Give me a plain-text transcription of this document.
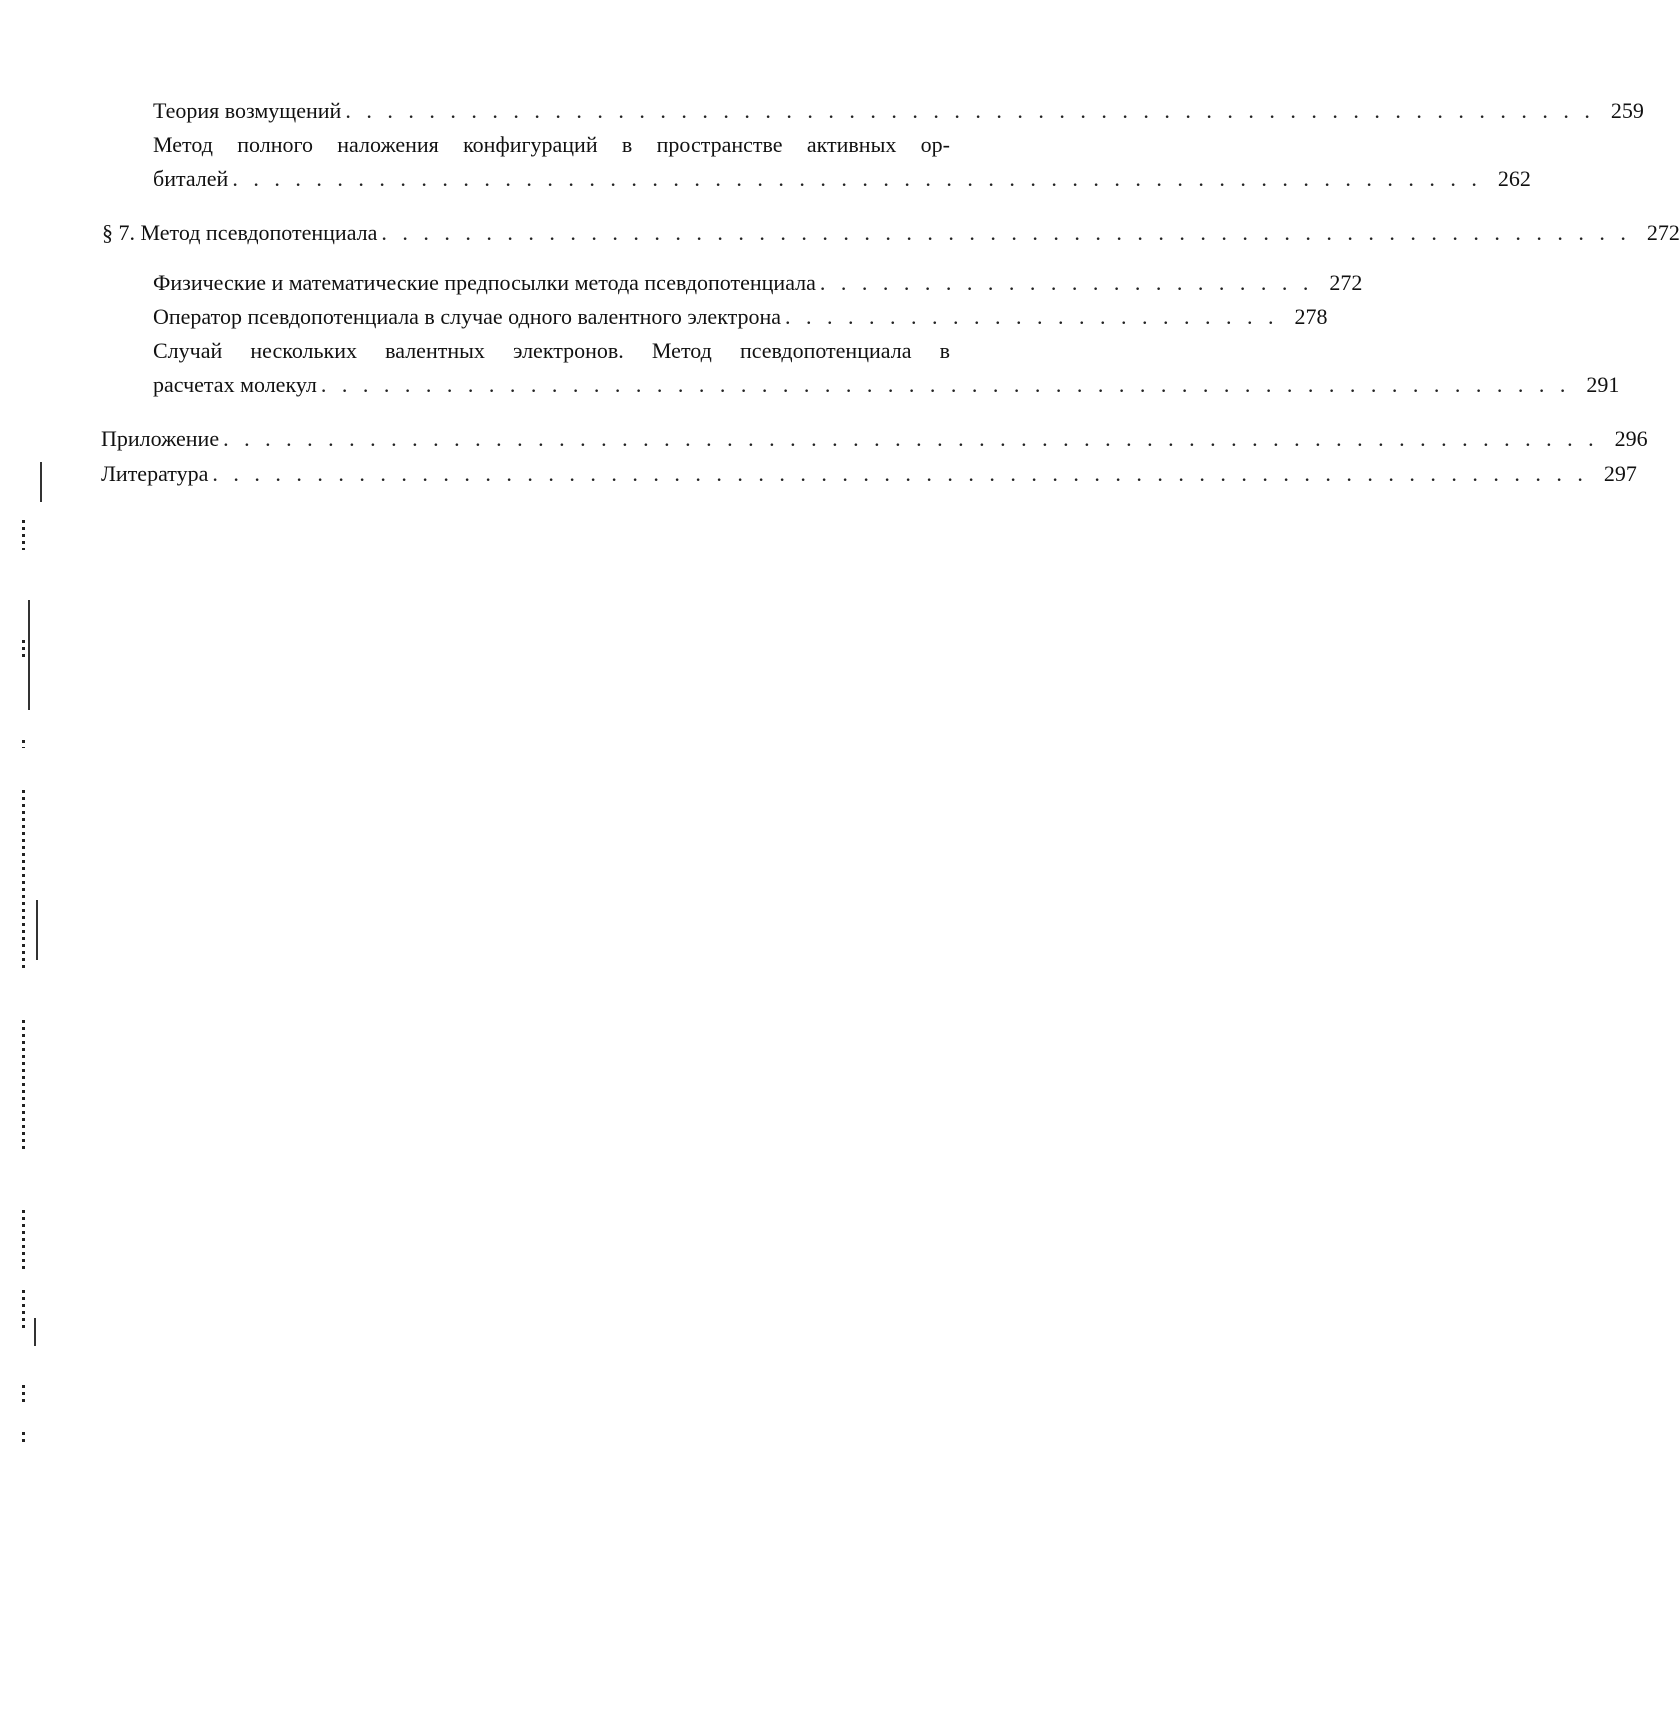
Теория возмущений . . . . . . . . . . . . . . . . . . . . . . . . . . . . . . . . . . . . . . . . . . . . . . . . . . . . . . . . . . . . 259
Метод полного наложения конфигураций в пространстве активных ор-
биталей . . . . . . . . . . . . . . . . . . . . . . . . . . . . . . . . . . . . . . . . . . . . . . . . . . . . . . . . . . . . 262
§ 7. Метод псевдопотенциала . . . . . . . . . . . . . . . . . . . . . . . . . . . . . . . . . . . . . . . . . . . . . . . . . . . . . . . . . . . . 272
Физические и математические предпосылки метода псевдопотенциала . . . . . . . . . . . . . . . . . . . . . . . . 272
Оператор псевдопотенциала в случае одного валентного электрона . . . . . . . . . . . . . . . . . . . . . . . . 278
Случай нескольких валентных электронов. Метод псевдопотенциала в
расчетах молекул . . . . . . . . . . . . . . . . . . . . . . . . . . . . . . . . . . . . . . . . . . . . . . . . . . . . . . . . . . . . 291
Приложение . . . . . . . . . . . . . . . . . . . . . . . . . . . . . . . . . . . . . . . . . . . . . . . . . . . . . . . . . . . . . . . . . . 296
Литература . . . . . . . . . . . . . . . . . . . . . . . . . . . . . . . . . . . . . . . . . . . . . . . . . . . . . . . . . . . . . . . . . . 297
